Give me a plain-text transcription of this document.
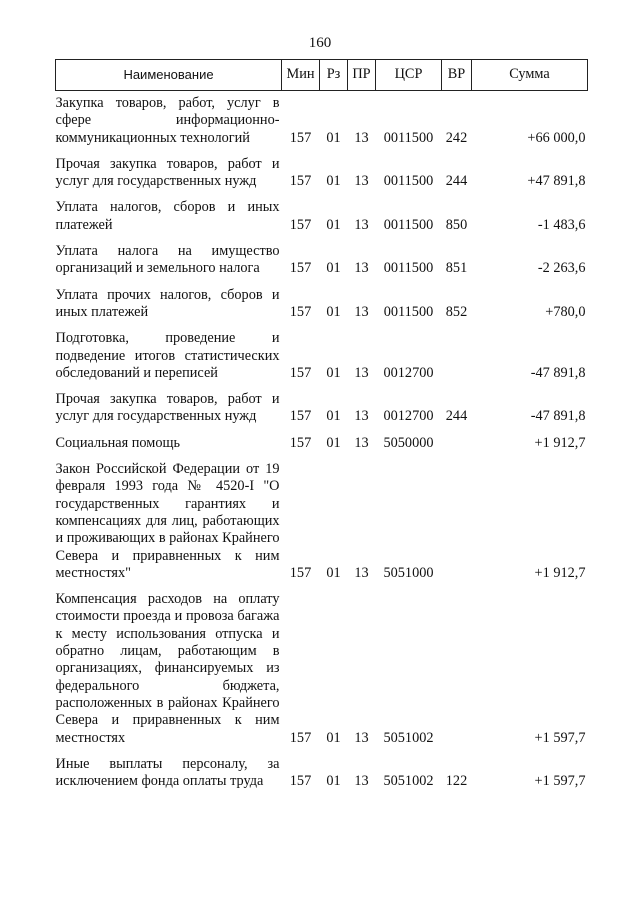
160
Наименование	Мин	Рз	ПР	ЦСР	ВР	Сумма
Закупка товаров, работ, услуг в сфере информационно-коммуникационных технологий	157	01	13	0011500	242	+66 000,0
Прочая закупка товаров, работ и услуг для государственных нужд	157	01	13	0011500	244	+47 891,8
Уплата налогов, сборов и иных платежей	157	01	13	0011500	850	-1 483,6
Уплата налога на имущество организаций и земельного налога	157	01	13	0011500	851	-2 263,6
Уплата прочих налогов, сборов и иных платежей	157	01	13	0011500	852	+780,0
Подготовка, проведение и подведение итогов статистических обследований и переписей	157	01	13	0012700		-47 891,8
Прочая закупка товаров, работ и услуг для государственных нужд	157	01	13	0012700	244	-47 891,8
Социальная помощь	157	01	13	5050000		+1 912,7
Закон Российской Федерации от 19 февраля 1993 года № 4520-I "О государственных гарантиях и компенсациях для лиц, работающих и проживающих в районах Крайнего Севера и приравненных к ним местностях"	157	01	13	5051000		+1 912,7
Компенсация расходов на оплату стоимости проезда и провоза багажа к месту использования отпуска и обратно лицам, работающим в организациях, финансируемых из федерального бюджета, расположенных в районах Крайнего Севера и приравненных к ним местностях	157	01	13	5051002		+1 597,7
Иные выплаты персоналу, за исключением фонда оплаты труда	157	01	13	5051002	122	+1 597,7
